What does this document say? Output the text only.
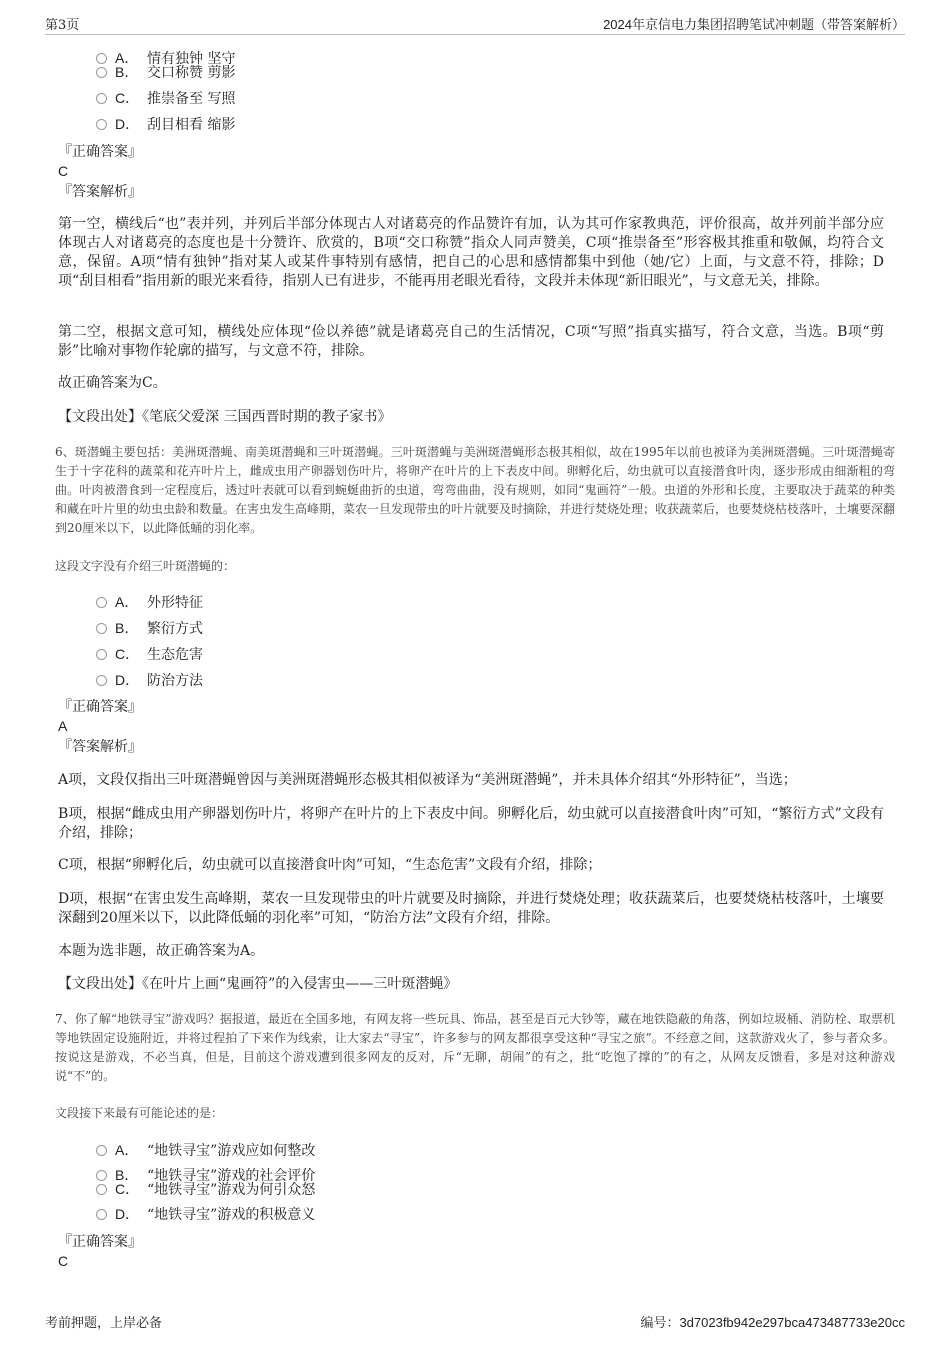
第3页	2024年京信电力集团招聘笔试冲刺题（带答案解析）
A． 情有独钟 坚守
B． 交口称赞 剪影
C． 推崇备至 写照
D． 刮目相看 缩影
『正确答案』
C
『答案解析』
第一空，横线后“也”表并列，并列后半部分体现古人对诸葛亮的作品赞许有加，认为其可作家教典范，评价很高，故并列前半部分应体现古人对诸葛亮的态度也是十分赞许、欣赏的，B项“交口称赞”指众人同声赞美，C项“推崇备至”形容极其推重和敬佩，均符合文意，保留。A项“情有独钟”指对某人或某件事特别有感情，把自己的心思和感情都集中到他（她/它）上面，与文意不符，排除；D项“刮目相看”指用新的眼光来看待，指别人已有进步，不能再用老眼光看待，文段并未体现“新旧眼光”，与文意无关，排除。
第二空，根据文意可知，横线处应体现“俭以养德”就是诸葛亮自己的生活情况，C项“写照”指真实描写，符合文意，当选。B项“剪影”比喻对事物作轮廓的描写，与文意不符，排除。
故正确答案为C。
【文段出处】《笔底父爱深 三国西晋时期的教子家书》
6、斑潜蝇主要包括：美洲斑潜蝇、南美斑潜蝇和三叶斑潜蝇。三叶斑潜蝇与美洲斑潜蝇形态极其相似，故在1995年以前也被译为美洲斑潜蝇。三叶斑潜蝇寄生于十字花科的蔬菜和花卉叶片上，雌成虫用产卵器划伤叶片，将卵产在叶片的上下表皮中间。卵孵化后，幼虫就可以直接潜食叶肉，逐步形成由细渐粗的弯曲。叶肉被潜食到一定程度后，透过叶表就可以看到蜿蜒曲折的虫道，弯弯曲曲，没有规则，如同“鬼画符”一般。虫道的外形和长度，主要取决于蔬菜的种类和藏在叶片里的幼虫虫龄和数量。在害虫发生高峰期，菜农一旦发现带虫的叶片就要及时摘除，并进行焚烧处理；收获蔬菜后，也要焚烧枯枝落叶，土壤要深翻到20厘米以下，以此降低蛹的羽化率。
这段文字没有介绍三叶斑潜蝇的：
A． 外形特征
B． 繁衍方式
C． 生态危害
D． 防治方法
『正确答案』
A
『答案解析』
A项，文段仅指出三叶斑潜蝇曾因与美洲斑潜蝇形态极其相似被译为“美洲斑潜蝇”，并未具体介绍其“外形特征”，当选；
B项，根据“雌成虫用产卵器划伤叶片，将卵产在叶片的上下表皮中间。卵孵化后，幼虫就可以直接潜食叶肉”可知，“繁衍方式”文段有介绍，排除；
C项，根据“卵孵化后，幼虫就可以直接潜食叶肉”可知，“生态危害”文段有介绍，排除；
D项，根据“在害虫发生高峰期，菜农一旦发现带虫的叶片就要及时摘除，并进行焚烧处理；收获蔬菜后，也要焚烧枯枝落叶，土壤要深翻到20厘米以下，以此降低蛹的羽化率”可知，“防治方法”文段有介绍，排除。
本题为选非题，故正确答案为A。
【文段出处】《在叶片上画“鬼画符”的入侵害虫——三叶斑潜蝇》
7、你了解“地铁寻宝”游戏吗？据报道，最近在全国多地，有网友将一些玩具、饰品，甚至是百元大钞等，藏在地铁隐蔽的角落，例如垃圾桶、消防栓、取票机等地铁固定设施附近，并将过程拍了下来作为线索，让大家去“寻宝”，许多参与的网友都很享受这种“寻宝之旅”。不经意之间，这款游戏火了，参与者众多。按说这是游戏，不必当真，但是，目前这个游戏遭到很多网友的反对，斥“无聊，胡闹”的有之，批“吃饱了撑的”的有之，从网友反馈看，多是对这种游戏说“不”的。
文段接下来最有可能论述的是：
A． “地铁寻宝”游戏应如何整改
B． “地铁寻宝”游戏的社会评价
C． “地铁寻宝”游戏为何引众怒
D． “地铁寻宝”游戏的积极意义
『正确答案』
C
考前押题，上岸必备	编号：3d7023fb942e297bca473487733e20cc
